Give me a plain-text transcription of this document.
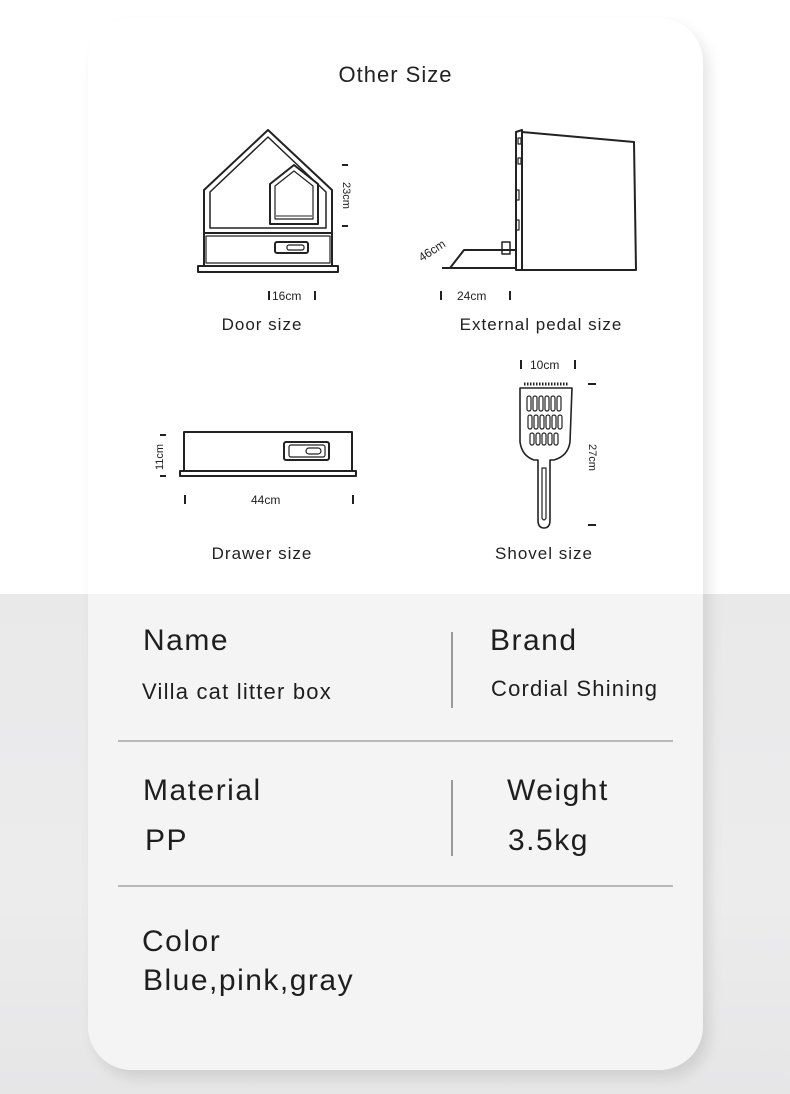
Other Size
23cm
16cm
Door size
46cm
24cm
External pedal size
11cm
44cm
Drawer size
10cm
27cm
Shovel size
Name
Villa cat litter box
Brand
Cordial Shining
Material
PP
Weight
3.5kg
Color
Blue,pink,gray
